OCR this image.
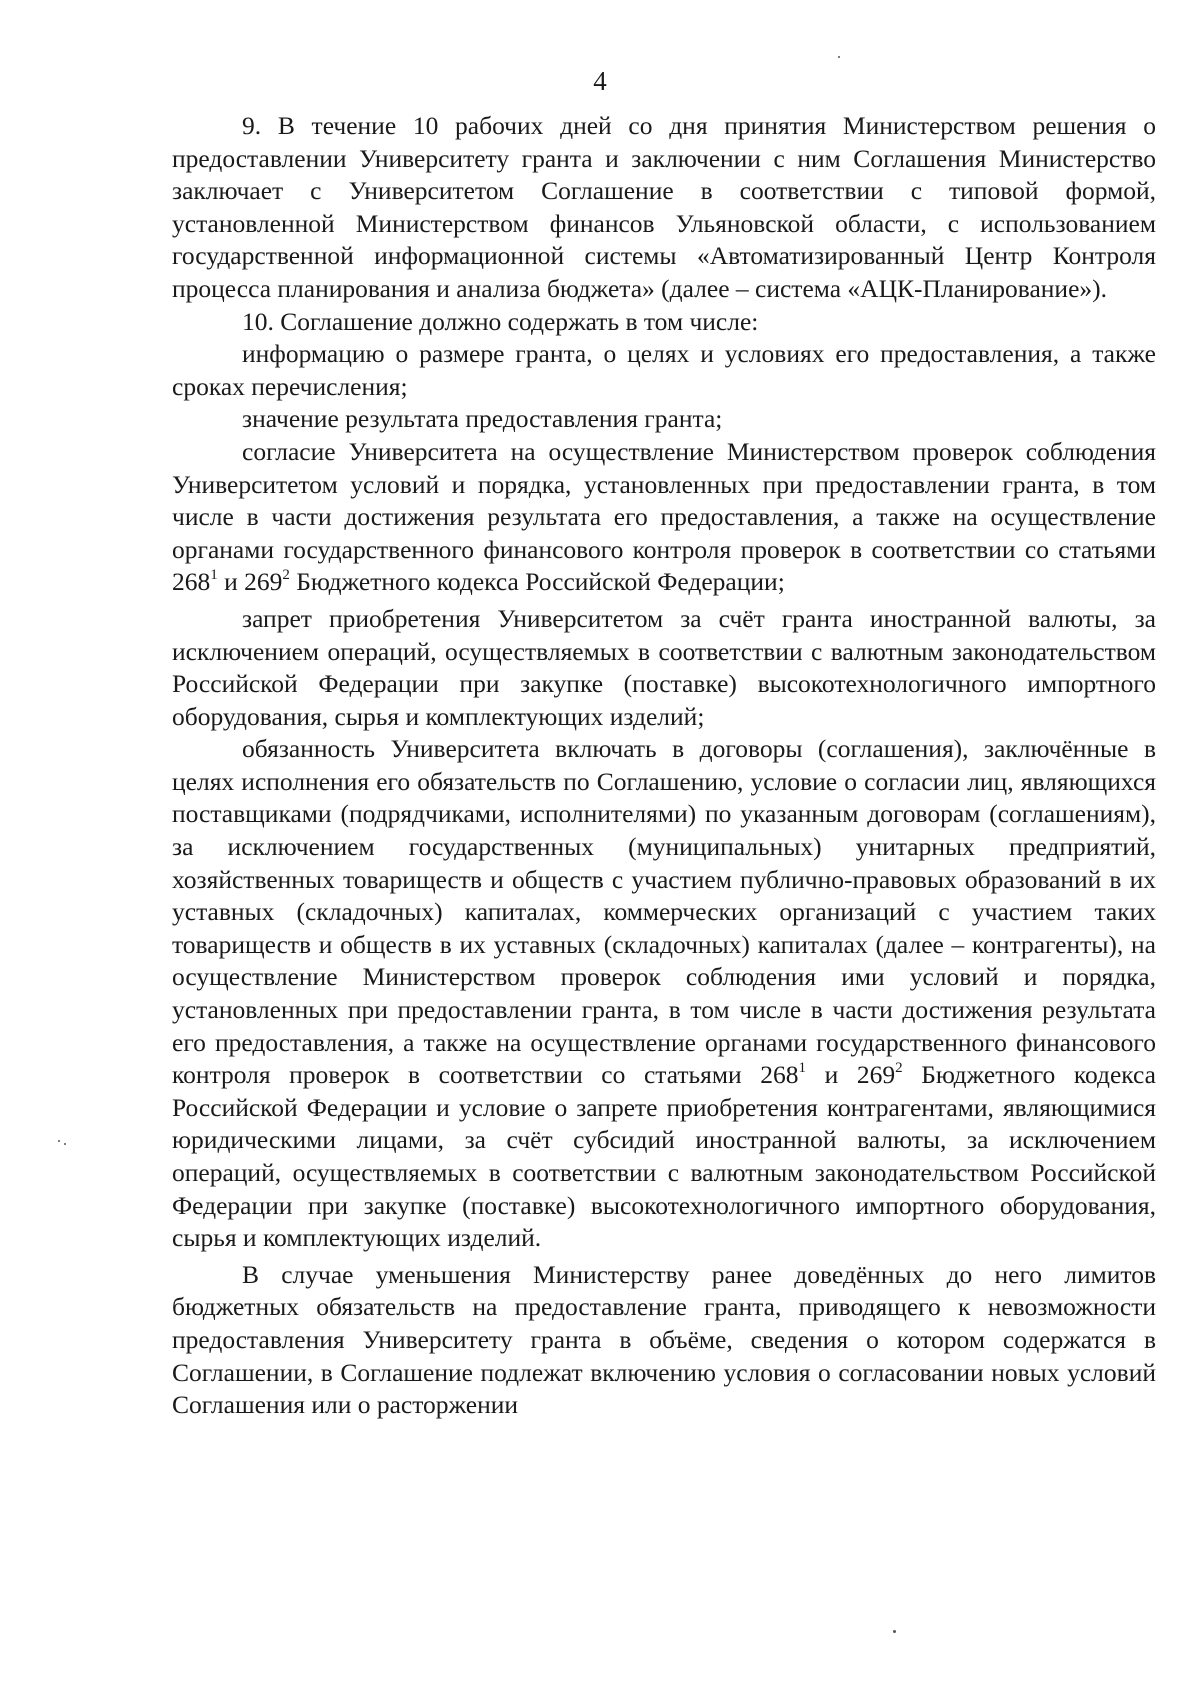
4

9. В течение 10 рабочих дней со дня принятия Министерством решения о предоставлении Университету гранта и заключении с ним Соглашения Министерство заключает с Университетом Соглашение в соответствии с типовой формой, установленной Министерством финансов Ульяновской области, с использованием государственной информационной системы «Автоматизированный Центр Контроля процесса планирования и анализа бюджета» (далее – система «АЦК-Планирование»).

10. Соглашение должно содержать в том числе:

информацию о размере гранта, о целях и условиях его предоставления, а также сроках перечисления;

значение результата предоставления гранта;

согласие Университета на осуществление Министерством проверок соблюдения Университетом условий и порядка, установленных при предоставлении гранта, в том числе в части достижения результата его предоставления, а также на осуществление органами государственного финансового контроля проверок в соответствии со статьями $268^1$ и $269^2$ Бюджетного кодекса Российской Федерации;

запрет приобретения Университетом за счёт гранта иностранной валюты, за исключением операций, осуществляемых в соответствии с валютным законодательством Российской Федерации при закупке (поставке) высокотехнологичного импортного оборудования, сырья и комплектующих изделий;

обязанность Университета включать в договоры (соглашения), заключённые в целях исполнения его обязательств по Соглашению, условие о согласии лиц, являющихся поставщиками (подрядчиками, исполнителями) по указанным договорам (соглашениям), за исключением государственных (муниципальных) унитарных предприятий, хозяйственных товариществ и обществ с участием публично-правовых образований в их уставных (складочных) капиталах, коммерческих организаций с участием таких товариществ и обществ в их уставных (складочных) капиталах (далее – контрагенты), на осуществление Министерством проверок соблюдения ими условий и порядка, установленных при предоставлении гранта, в том числе в части достижения результата его предоставления, а также на осуществление органами государственного финансового контроля проверок в соответствии со статьями $268^1$ и $269^2$ Бюджетного кодекса Российской Федерации и условие о запрете приобретения контрагентами, являющимися юридическими лицами, за счёт субсидий иностранной валюты, за исключением операций, осуществляемых в соответствии с валютным законодательством Российской Федерации при закупке (поставке) высокотехнологичного импортного оборудования, сырья и комплектующих изделий.

В случае уменьшения Министерству ранее доведённых до него лимитов бюджетных обязательств на предоставление гранта, приводящего к невозможности предоставления Университету гранта в объёме, сведения о котором содержатся в Соглашении, в Соглашение подлежат включению условия о согласовании новых условий Соглашения или о расторжении
